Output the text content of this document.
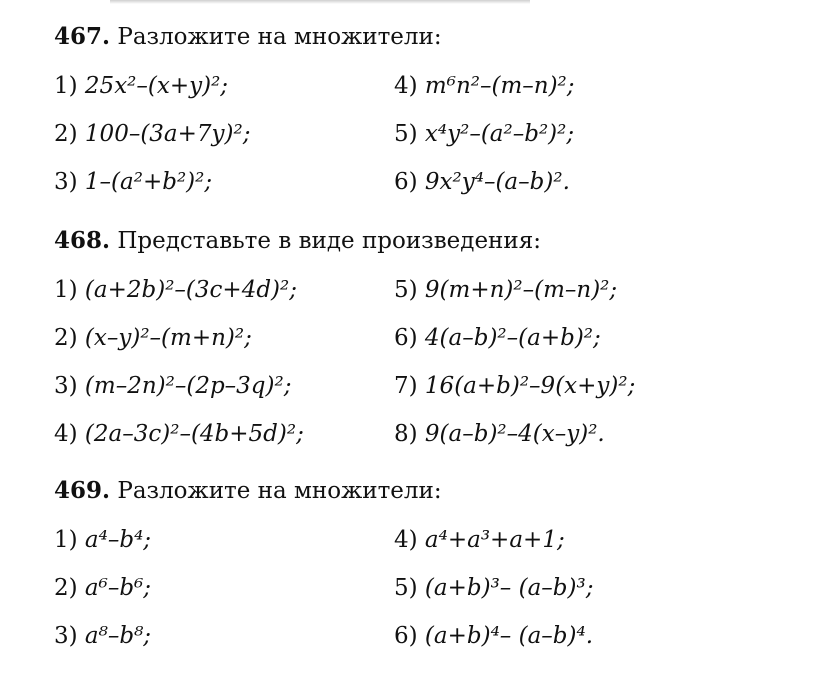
467. Разложите на множители:
1) 25x²–(x+y)²;	4) m⁶n²–(m–n)²;
2) 100–(3a+7y)²;	5) x⁴y²–(a²–b²)²;
3) 1–(a²+b²)²;	6) 9x²y⁴–(a–b)².
468. Представьте в виде произведения:
1) (a+2b)²–(3c+4d)²;	5) 9(m+n)²–(m–n)²;
2) (x–y)²–(m+n)²;	6) 4(a–b)²–(a+b)²;
3) (m–2n)²–(2p–3q)²;	7) 16(a+b)²–9(x+y)²;
4) (2a–3c)²–(4b+5d)²;	8) 9(a–b)²–4(x–y)².
469. Разложите на множители:
1) a⁴–b⁴;	4) a⁴+a³+a+1;
2) a⁶–b⁶;	5) (a+b)³– (a–b)³;
3) a⁸–b⁸;	6) (a+b)⁴– (a–b)⁴.
